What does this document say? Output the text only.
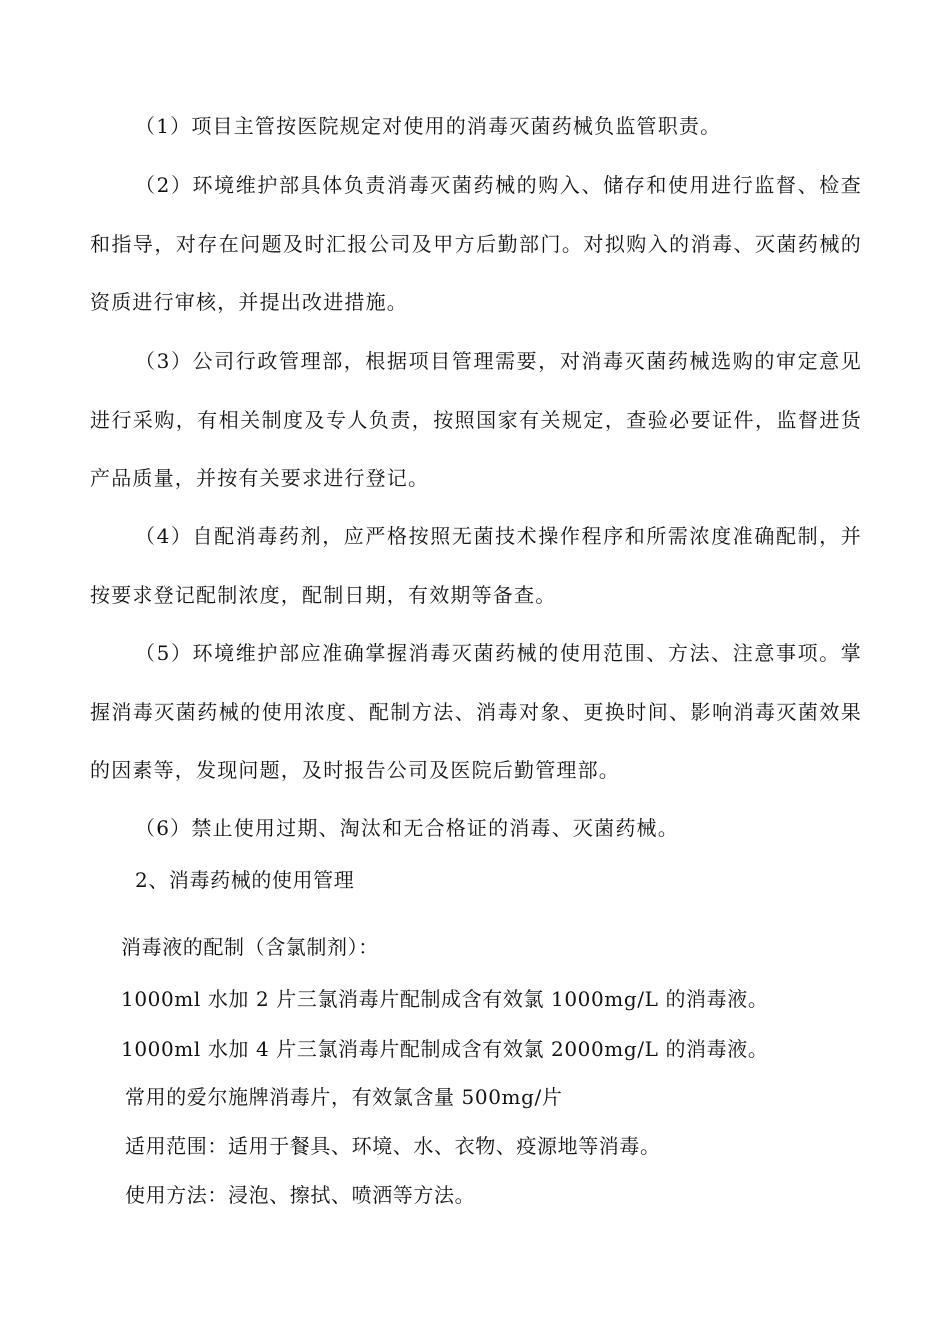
（1）项目主管按医院规定对使用的消毒灭菌药械负监管职责。

（2）环境维护部具体负责消毒灭菌药械的购入、储存和使用进行监督、检查和指导，对存在问题及时汇报公司及甲方后勤部门。对拟购入的消毒、灭菌药械的资质进行审核，并提出改进措施。

（3）公司行政管理部，根据项目管理需要，对消毒灭菌药械选购的审定意见进行采购，有相关制度及专人负责，按照国家有关规定，查验必要证件，监督进货产品质量，并按有关要求进行登记。

（4）自配消毒药剂，应严格按照无菌技术操作程序和所需浓度准确配制，并按要求登记配制浓度，配制日期，有效期等备查。

（5）环境维护部应准确掌握消毒灭菌药械的使用范围、方法、注意事项。掌握消毒灭菌药械的使用浓度、配制方法、消毒对象、更换时间、影响消毒灭菌效果的因素等，发现问题，及时报告公司及医院后勤管理部。

（6）禁止使用过期、淘汰和无合格证的消毒、灭菌药械。

2、消毒药械的使用管理
消毒液的配制（含氯制剂）：
1000ml 水加 2 片三氯消毒片配制成含有效氯 1000mg/L 的消毒液。
1000ml 水加 4 片三氯消毒片配制成含有效氯 2000mg/L 的消毒液。
常用的爱尔施牌消毒片，有效氯含量 500mg/片
适用范围：适用于餐具、环境、水、衣物、疫源地等消毒。
使用方法：浸泡、擦拭、喷洒等方法。
